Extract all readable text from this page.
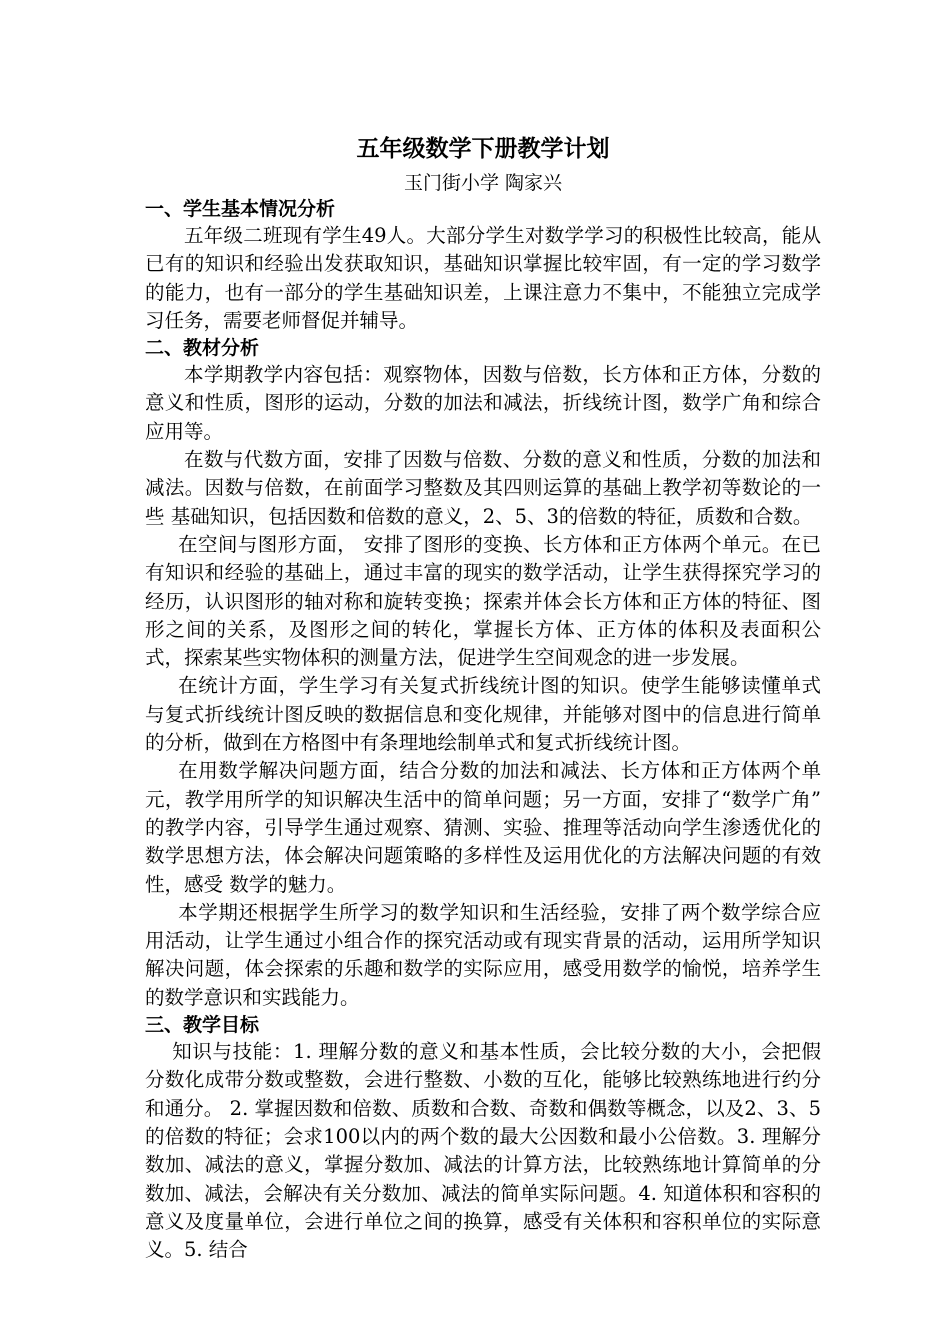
五年级数学下册教学计划

玉门街小学 陶家兴

一、学生基本情况分析

五年级二班现有学生49人。大部分学生对数学学习的积极性比较高，能从已有的知识和经验出发获取知识，基础知识掌握比较牢固，有一定的学习数学的能力，也有一部分的学生基础知识差，上课注意力不集中，不能独立完成学习任务，需要老师督促并辅导。

二、教材分析

本学期教学内容包括：观察物体，因数与倍数，长方体和正方体，分数的意义和性质，图形的运动，分数的加法和减法，折线统计图，数学广角和综合应用等。

在数与代数方面，安排了因数与倍数、分数的意义和性质，分数的加法和减法。因数与倍数，在前面学习整数及其四则运算的基础上教学初等数论的一些 基础知识，包括因数和倍数的意义，2、5、3的倍数的特征，质数和合数。

在空间与图形方面， 安排了图形的变换、长方体和正方体两个单元。在已有知识和经验的基础上，通过丰富的现实的数学活动，让学生获得探究学习的经历，认识图形的轴对称和旋转变换；探索并体会长方体和正方体的特征、图形之间的关系，及图形之间的转化，掌握长方体、正方体的体积及表面积公式，探索某些实物体积的测量方法，促进学生空间观念的进一步发展。

在统计方面，学生学习有关复式折线统计图的知识。使学生能够读懂单式与复式折线统计图反映的数据信息和变化规律，并能够对图中的信息进行简单的分析，做到在方格图中有条理地绘制单式和复式折线统计图。

在用数学解决问题方面，结合分数的加法和减法、长方体和正方体两个单元，教学用所学的知识解决生活中的简单问题；另一方面，安排了“数学广角” 的教学内容，引导学生通过观察、猜测、实验、推理等活动向学生渗透优化的数学思想方法，体会解决问题策略的多样性及运用优化的方法解决问题的有效性，感受 数学的魅力。

本学期还根据学生所学习的数学知识和生活经验，安排了两个数学综合应用活动，让学生通过小组合作的探究活动或有现实背景的活动，运用所学知识解决问题，体会探索的乐趣和数学的实际应用，感受用数学的愉悦，培养学生的数学意识和实践能力。

三、教学目标

知识与技能：1. 理解分数的意义和基本性质，会比较分数的大小，会把假分数化成带分数或整数，会进行整数、小数的互化，能够比较熟练地进行约分和通分。 2. 掌握因数和倍数、质数和合数、奇数和偶数等概念，以及2、3、5的倍数的特征；会求100以内的两个数的最大公因数和最小公倍数。3. 理解分数加、减法的意义，掌握分数加、减法的计算方法，比较熟练地计算简单的分数加、减法，会解决有关分数加、减法的简单实际问题。4. 知道体积和容积的意义及度量单位，会进行单位之间的换算，感受有关体积和容积单位的实际意义。5. 结合
